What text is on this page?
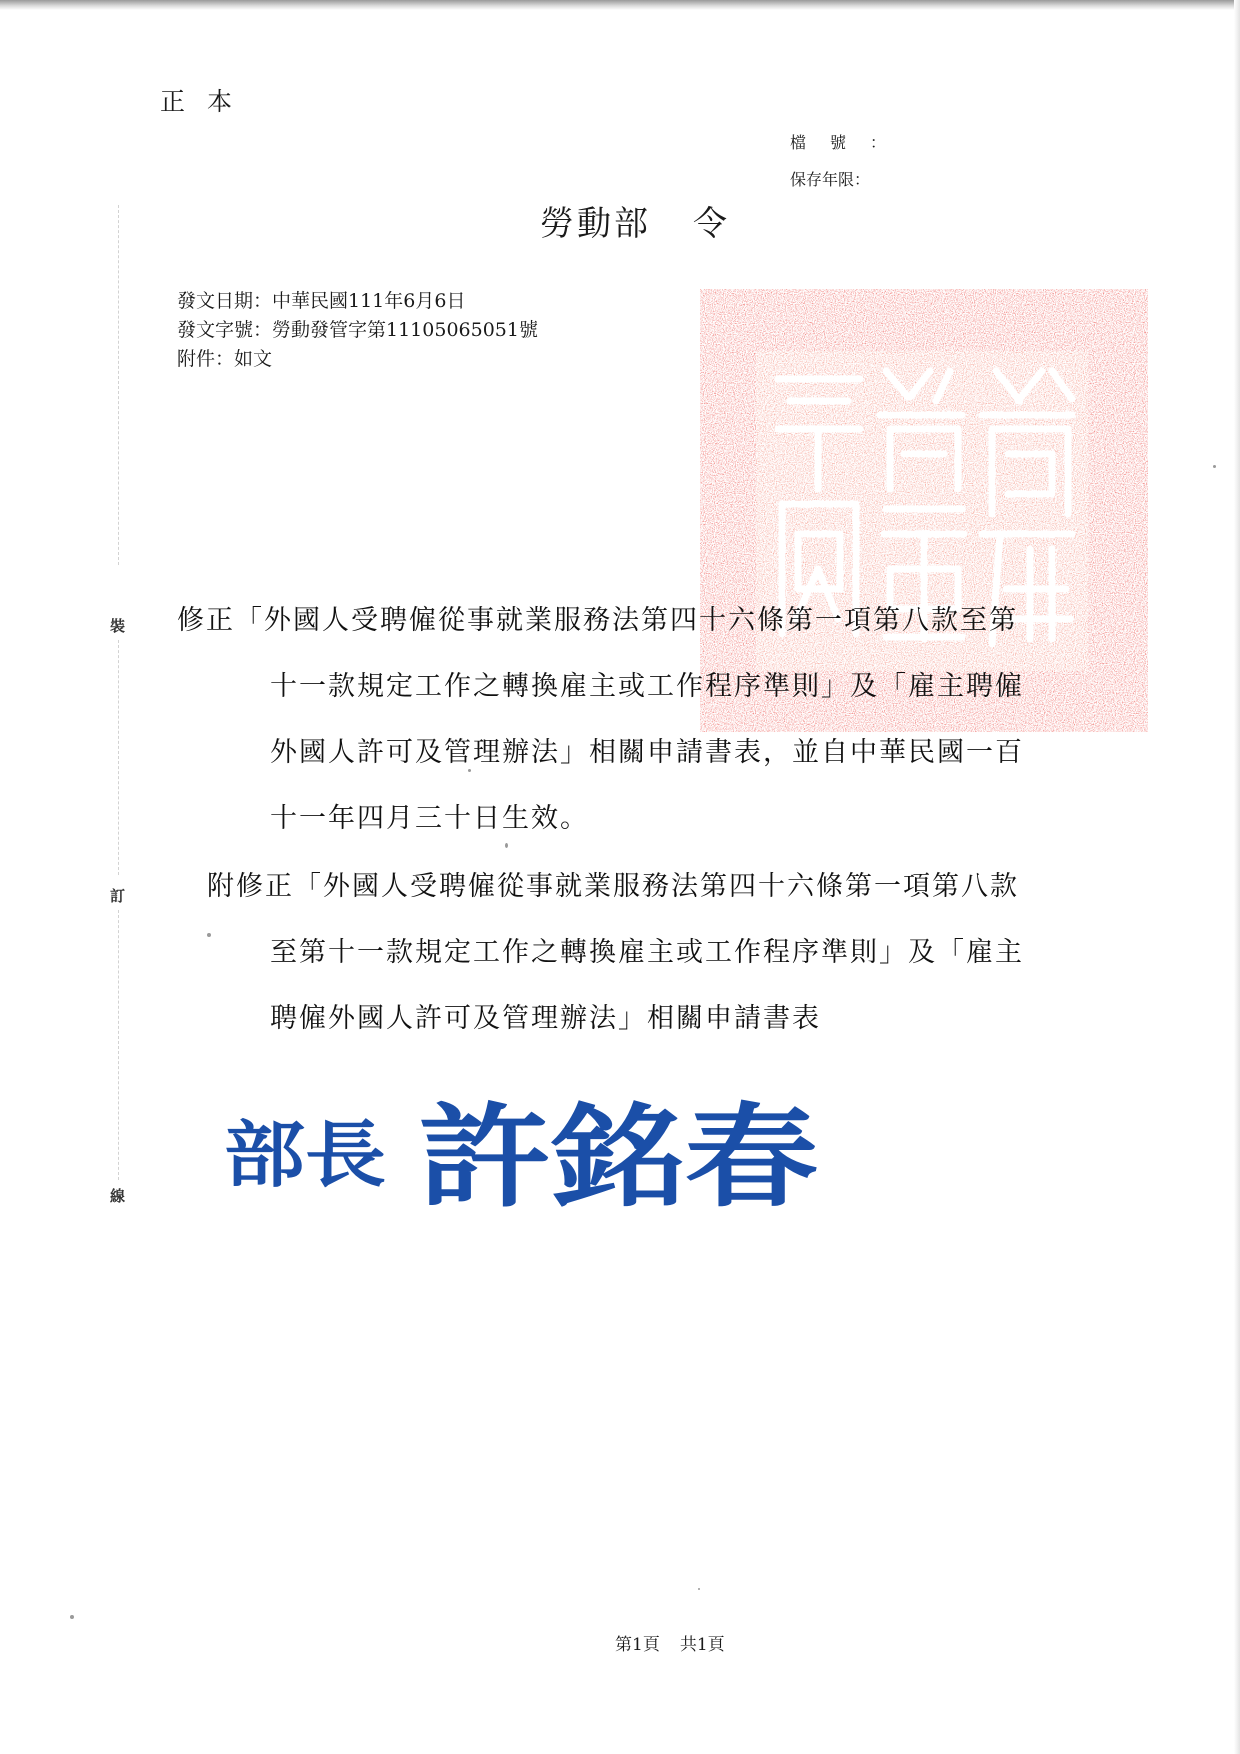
正本
檔號：
保存年限：
勞動部 令
發文日期：中華民國111年6月6日
發文字號：勞動發管字第11105065051號
附件：如文
裝
訂
線
修正「外國人受聘僱從事就業服務法第四十六條第一項第八款至第
十一款規定工作之轉換雇主或工作程序準則」及「雇主聘僱
外國人許可及管理辦法」相關申請書表，並自中華民國一百
十一年四月三十日生效。
附修正「外國人受聘僱從事就業服務法第四十六條第一項第八款
至第十一款規定工作之轉換雇主或工作程序準則」及「雇主
聘僱外國人許可及管理辦法」相關申請書表
部長 許銘春
第1頁 共1頁
